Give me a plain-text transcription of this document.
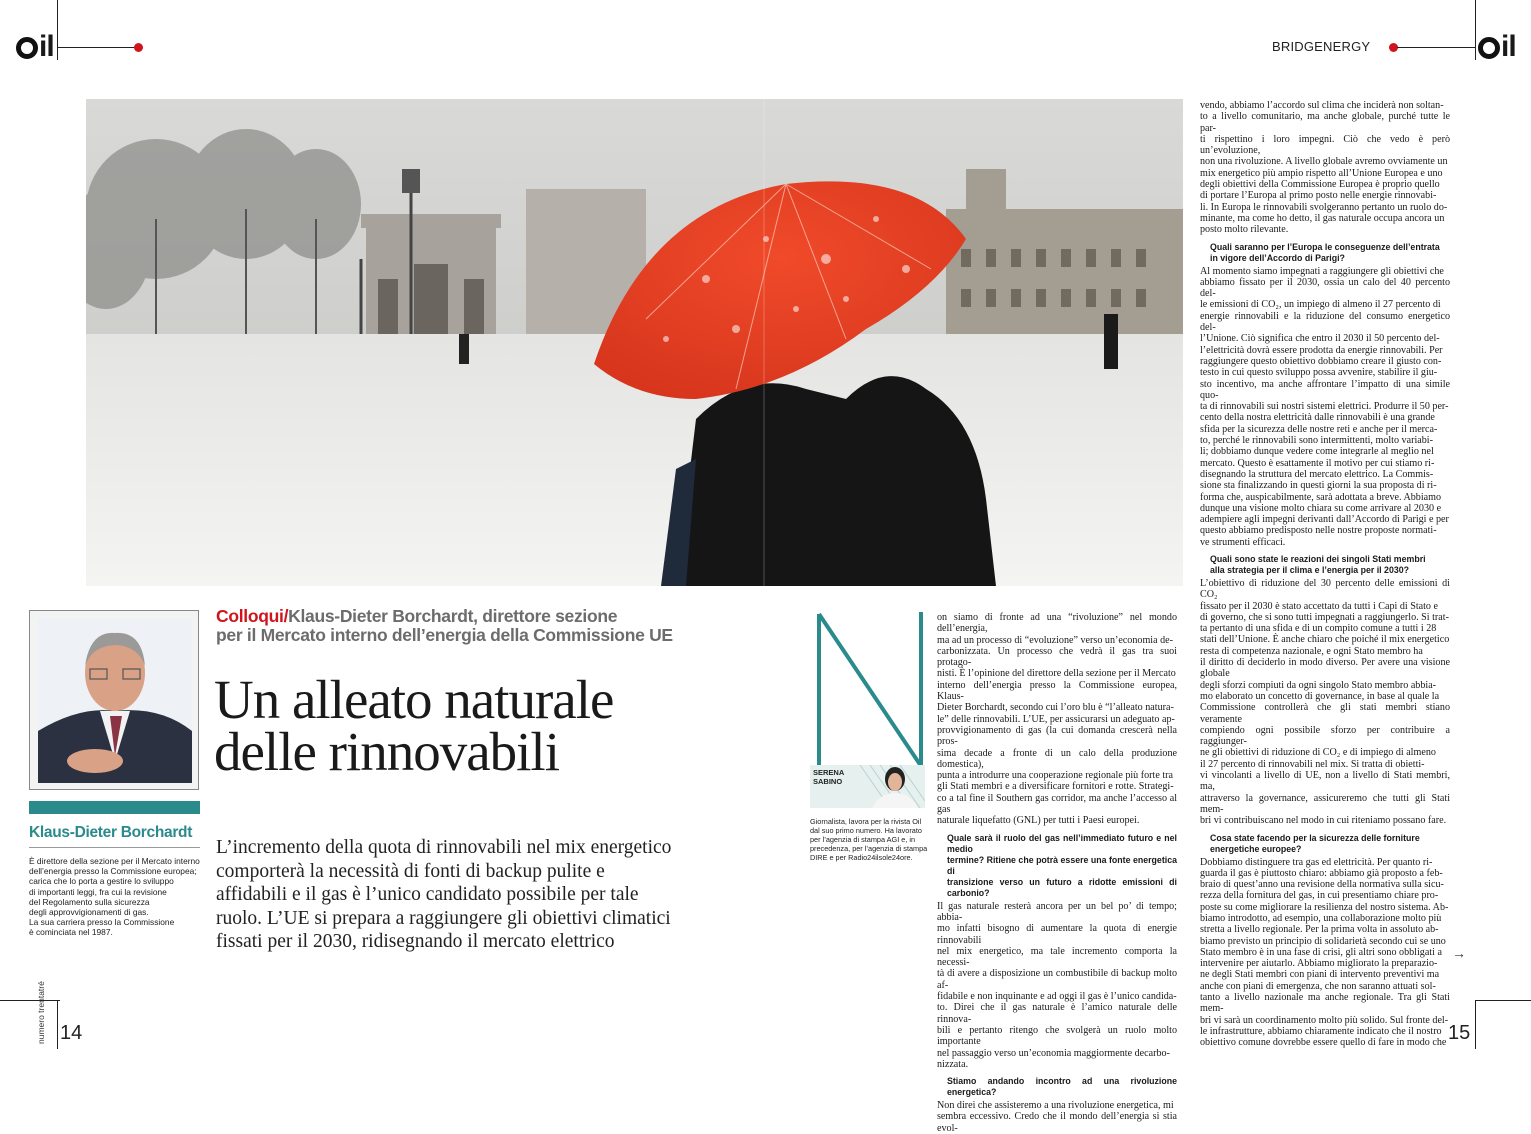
il	BRIDGENERGY	il
Klaus-Dieter Borchardt
È direttore della sezione per il Mercato interno
dell’energia presso la Commissione europea;
carica che lo porta a gestire lo sviluppo
di importanti leggi, fra cui la revisione
del Regolamento sulla sicurezza
degli approvvigionamenti di gas.
La sua carriera presso la Commissione
è cominciata nel 1987.
Colloqui/Klaus-Dieter Borchardt, direttore sezione
per il Mercato interno dell’energia della Commissione UE
Un alleato naturale
delle rinnovabili
L’incremento della quota di rinnovabili nel mix energetico
comporterà la necessità di fonti di backup pulite e
affidabili e il gas è l’unico candidato possibile per tale
ruolo. L’UE si prepara a raggiungere gli obiettivi climatici
fissati per il 2030, ridisegnando il mercato elettrico
SERENA
SABINO
Giornalista, lavora per la rivista Oil
dal suo primo numero. Ha lavorato
per l’agenzia di stampa AGI e, in
precedenza, per l’agenzia di stampa
DIRE e per Radio24ilsole24ore.
on siamo di fronte ad una “rivoluzione” nel mondo dell’energia,
ma ad un processo di “evoluzione” verso un’economia de-
carbonizzata. Un processo che vedrà il gas tra suoi protago-
nisti. È l’opinione del direttore della sezione per il Mercato
interno dell’energia presso la Commissione europea, Klaus-
Dieter Borchardt, secondo cui l’oro blu è “l’alleato natura-
le” delle rinnovabili. L’UE, per assicurarsi un adeguato ap-
provvigionamento di gas (la cui domanda crescerà nella pros-
sima decade a fronte di un calo della produzione domestica),
punta a introdurre una cooperazione regionale più forte tra
gli Stati membri e a diversificare fornitori e rotte. Strategi-
co a tal fine il Southern gas corridor, ma anche l’accesso al gas
naturale liquefatto (GNL) per tutti i Paesi europei.
Quale sarà il ruolo del gas nell’immediato futuro e nel medio
termine? Ritiene che potrà essere una fonte energetica di
transizione verso un futuro a ridotte emissioni di carbonio?
Il gas naturale resterà ancora per un bel po’ di tempo; abbia-
mo infatti bisogno di aumentare la quota di energie rinnovabili
nel mix energetico, ma tale incremento comporta la necessi-
tà di avere a disposizione un combustibile di backup molto af-
fidabile e non inquinante e ad oggi il gas è l’unico candida-
to. Direi che il gas naturale è l’amico naturale delle rinnova-
bili e pertanto ritengo che svolgerà un ruolo molto importante
nel passaggio verso un’economia maggiormente decarbo-
nizzata.
Stiamo andando incontro ad una rivoluzione energetica?
Non direi che assisteremo a una rivoluzione energetica, mi
sembra eccessivo. Credo che il mondo dell’energia si stia evol-
vendo, abbiamo l’accordo sul clima che inciderà non soltan-
to a livello comunitario, ma anche globale, purché tutte le par-
ti rispettino i loro impegni. Ciò che vedo è però un’evoluzione,
non una rivoluzione. A livello globale avremo ovviamente un
mix energetico più ampio rispetto all’Unione Europea e uno
degli obiettivi della Commissione Europea è proprio quello
di portare l’Europa al primo posto nelle energie rinnovabi-
li. In Europa le rinnovabili svolgeranno pertanto un ruolo do-
minante, ma come ho detto, il gas naturale occupa ancora un
posto molto rilevante.
Quali saranno per l’Europa le conseguenze dell’entrata
in vigore dell’Accordo di Parigi?
Al momento siamo impegnati a raggiungere gli obiettivi che
abbiamo fissato per il 2030, ossia un calo del 40 percento del-
le emissioni di CO₂, un impiego di almeno il 27 percento di
energie rinnovabili e la riduzione del consumo energetico del-
l’Unione. Ciò significa che entro il 2030 il 50 percento del-
l’elettricità dovrà essere prodotta da energie rinnovabili. Per
raggiungere questo obiettivo dobbiamo creare il giusto con-
testo in cui questo sviluppo possa avvenire, stabilire il giu-
sto incentivo, ma anche affrontare l’impatto di una simile quo-
ta di rinnovabili sui nostri sistemi elettrici. Produrre il 50 per-
cento della nostra elettricità dalle rinnovabili è una grande
sfida per la sicurezza delle nostre reti e anche per il merca-
to, perché le rinnovabili sono intermittenti, molto variabi-
li; dobbiamo dunque vedere come integrarle al meglio nel
mercato. Questo è esattamente il motivo per cui stiamo ri-
disegnando la struttura del mercato elettrico. La Commis-
sione sta finalizzando in questi giorni la sua proposta di ri-
forma che, auspicabilmente, sarà adottata a breve. Abbiamo
dunque una visione molto chiara su come arrivare al 2030 e
adempiere agli impegni derivanti dall’Accordo di Parigi e per
questo abbiamo predisposto nelle nostre proposte normati-
ve strumenti efficaci.
Quali sono state le reazioni dei singoli Stati membri
alla strategia per il clima e l’energia per il 2030?
L’obiettivo di riduzione del 30 percento delle emissioni di CO₂
fissato per il 2030 è stato accettato da tutti i Capi di Stato e
di governo, che si sono tutti impegnati a raggiungerlo. Si trat-
ta pertanto di una sfida e di un compito comune a tutti i 28
stati dell’Unione. È anche chiaro che poiché il mix energetico
resta di competenza nazionale, e ogni Stato membro ha
il diritto di deciderlo in modo diverso. Per avere una visione globale
degli sforzi compiuti da ogni singolo Stato membro abbia-
mo elaborato un concetto di governance, in base al quale la
Commissione controllerà che gli stati membri stiano veramente
compiendo ogni possibile sforzo per contribuire a raggiunger-
ne gli obiettivi di riduzione di CO₂ e di impiego di almeno
il 27 percento di rinnovabili nel mix. Si tratta di obietti-
vi vincolanti a livello di UE, non a livello di Stati membri, ma,
attraverso la governance, assicureremo che tutti gli Stati mem-
bri vi contribuiscano nel modo in cui riteniamo possano fare.
Cosa state facendo per la sicurezza delle forniture
energetiche europee?
Dobbiamo distinguere tra gas ed elettricità. Per quanto ri-
guarda il gas è piuttosto chiaro: abbiamo già proposto a feb-
braio di quest’anno una revisione della normativa sulla sicu-
rezza della fornitura del gas, in cui presentiamo chiare pro-
poste su come migliorare la resilienza del nostro sistema. Ab-
biamo introdotto, ad esempio, una collaborazione molto più
stretta a livello regionale. Per la prima volta in assoluto ab-
biamo previsto un principio di solidarietà secondo cui se uno
Stato membro è in una fase di crisi, gli altri sono obbligati a
intervenire per aiutarlo. Abbiamo migliorato la preparazio-
ne degli Stati membri con piani di intervento preventivi ma
anche con piani di emergenza, che non saranno attuati sol-
tanto a livello nazionale ma anche regionale. Tra gli Stati mem-
bri vi sarà un coordinamento molto più solido. Sul fronte del-
le infrastrutture, abbiamo chiaramente indicato che il nostro
obiettivo comune dovrebbe essere quello di fare in modo che
→
numero trentatré 14	15
